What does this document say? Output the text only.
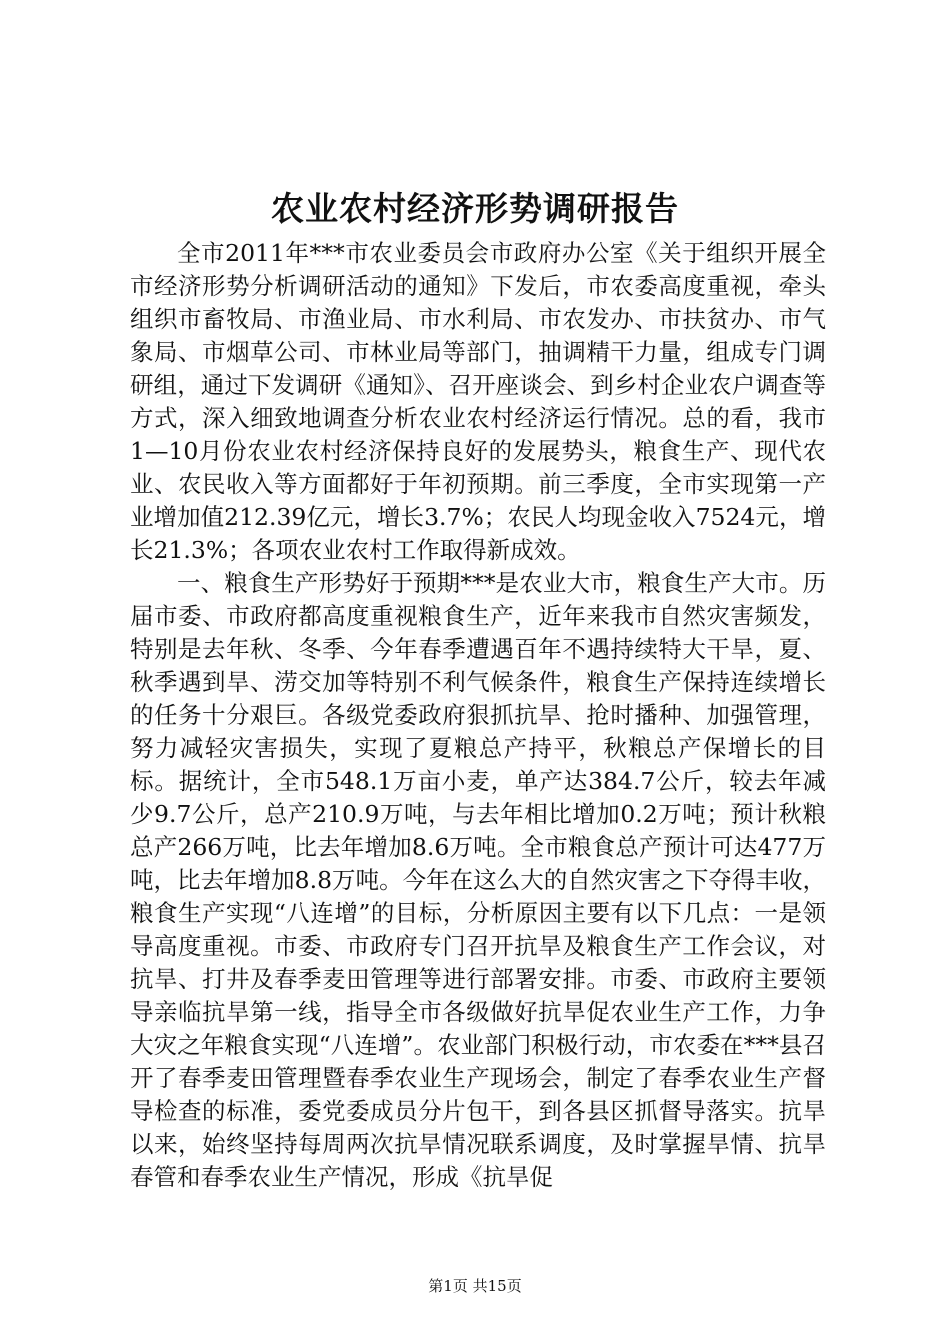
农业农村经济形势调研报告

全市2011年***市农业委员会市政府办公室《关于组织开展全市经济形势分析调研活动的通知》下发后，市农委高度重视，牵头组织市畜牧局、市渔业局、市水利局、市农发办、市扶贫办、市气象局、市烟草公司、市林业局等部门，抽调精干力量，组成专门调研组，通过下发调研《通知》、召开座谈会、到乡村企业农户调查等方式，深入细致地调查分析农业农村经济运行情况。总的看，我市1—10月份农业农村经济保持良好的发展势头，粮食生产、现代农业、农民收入等方面都好于年初预期。前三季度，全市实现第一产业增加值212.39亿元，增长3.7%；农民人均现金收入7524元，增长21.3%；各项农业农村工作取得新成效。

一、粮食生产形势好于预期***是农业大市，粮食生产大市。历届市委、市政府都高度重视粮食生产，近年来我市自然灾害频发，特别是去年秋、冬季、今年春季遭遇百年不遇持续特大干旱，夏、秋季遇到旱、涝交加等特别不利气候条件，粮食生产保持连续增长的任务十分艰巨。各级党委政府狠抓抗旱、抢时播种、加强管理，努力减轻灾害损失，实现了夏粮总产持平，秋粮总产保增长的目标。据统计，全市548.1万亩小麦，单产达384.7公斤，较去年减少9.7公斤，总产210.9万吨，与去年相比增加0.2万吨；预计秋粮总产266万吨，比去年增加8.6万吨。全市粮食总产预计可达477万吨，比去年增加8.8万吨。今年在这么大的自然灾害之下夺得丰收，粮食生产实现“八连增”的目标，分析原因主要有以下几点：一是领导高度重视。市委、市政府专门召开抗旱及粮食生产工作会议，对抗旱、打井及春季麦田管理等进行部署安排。市委、市政府主要领导亲临抗旱第一线，指导全市各级做好抗旱促农业生产工作，力争大灾之年粮食实现“八连增”。农业部门积极行动，市农委在***县召开了春季麦田管理暨春季农业生产现场会，制定了春季农业生产督导检查的标准，委党委成员分片包干，到各县区抓督导落实。抗旱以来，始终坚持每周两次抗旱情况联系调度，及时掌握旱情、抗旱春管和春季农业生产情况，形成《抗旱促

第1页 共15页
